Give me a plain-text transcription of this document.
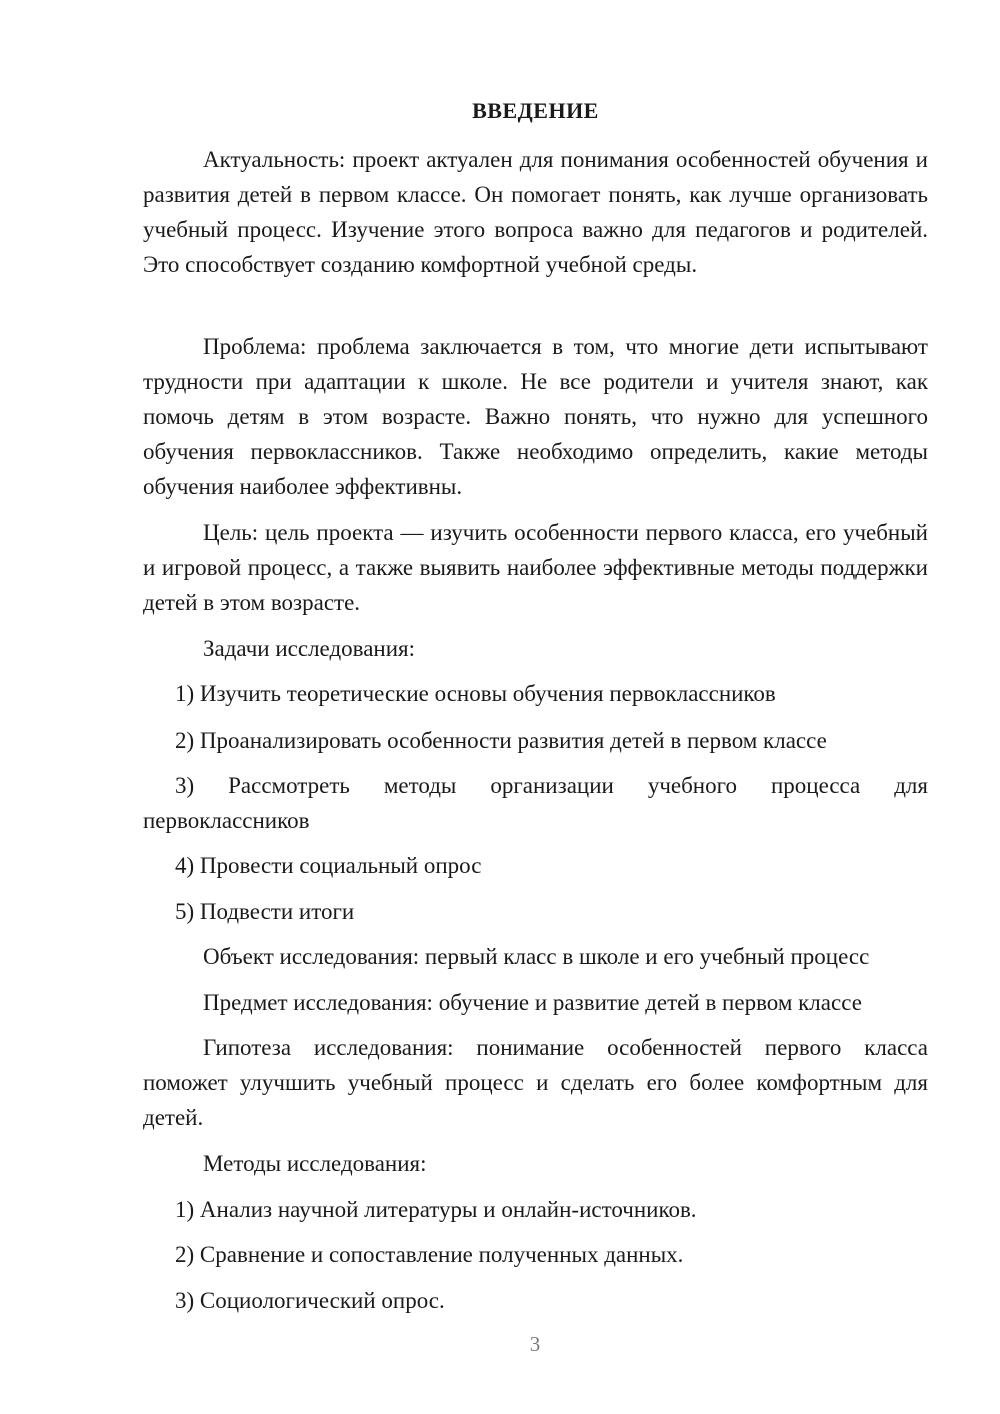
ВВЕДЕНИЕ

Актуальность: проект актуален для понимания особенностей обучения и развития детей в первом классе. Он помогает понять, как лучше организовать учебный процесс. Изучение этого вопроса важно для педагогов и родителей. Это способствует созданию комфортной учебной среды.

Проблема: проблема заключается в том, что многие дети испытывают трудности при адаптации к школе. Не все родители и учителя знают, как помочь детям в этом возрасте. Важно понять, что нужно для успешного обучения первоклассников. Также необходимо определить, какие методы обучения наиболее эффективны.

Цель: цель проекта — изучить особенности первого класса, его учебный и игровой процесс, а также выявить наиболее эффективные методы поддержки детей в этом возрасте.

Задачи исследования:

1) Изучить теоретические основы обучения первоклассников

2) Проанализировать особенности развития детей в первом классе

3) Рассмотреть методы организации учебного процесса для первоклассников

4) Провести социальный опрос

5) Подвести итоги

Объект исследования: первый класс в школе и его учебный процесс

Предмет исследования: обучение и развитие детей в первом классе

Гипотеза исследования: понимание особенностей первого класса поможет улучшить учебный процесс и сделать его более комфортным для детей.

Методы исследования:

1) Анализ научной литературы и онлайн-источников.

2) Сравнение и сопоставление полученных данных.

3) Социологический опрос.

3
